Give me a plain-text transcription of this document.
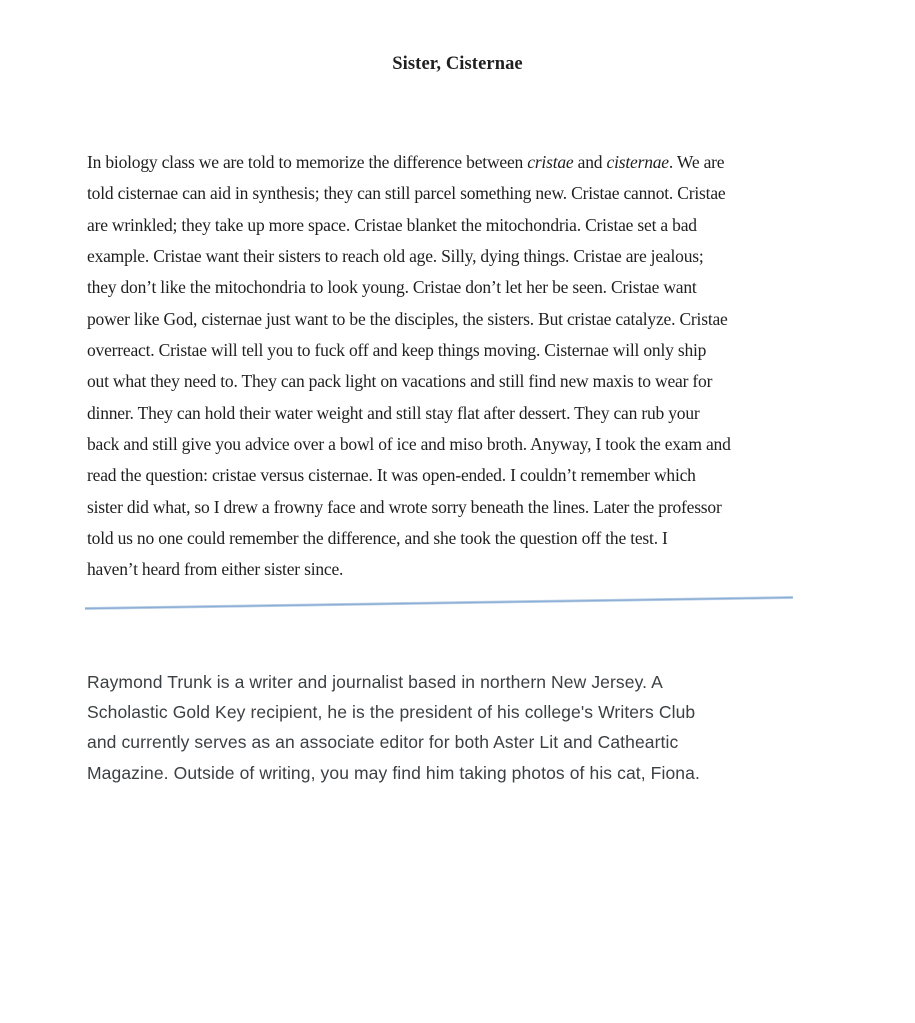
Sister, Cisternae
In biology class we are told to memorize the difference between cristae and cisternae. We are
told cisternae can aid in synthesis; they can still parcel something new. Cristae cannot. Cristae
are wrinkled; they take up more space. Cristae blanket the mitochondria. Cristae set a bad
example. Cristae want their sisters to reach old age. Silly, dying things. Cristae are jealous;
they don’t like the mitochondria to look young. Cristae don’t let her be seen. Cristae want
power like God, cisternae just want to be the disciples, the sisters. But cristae catalyze. Cristae
overreact. Cristae will tell you to fuck off and keep things moving. Cisternae will only ship
out what they need to. They can pack light on vacations and still find new maxis to wear for
dinner. They can hold their water weight and still stay flat after dessert. They can rub your
back and still give you advice over a bowl of ice and miso broth. Anyway, I took the exam and
read the question: cristae versus cisternae. It was open-ended. I couldn’t remember which
sister did what, so I drew a frowny face and wrote sorry beneath the lines. Later the professor
told us no one could remember the difference, and she took the question off the test. I
haven’t heard from either sister since.
Raymond Trunk is a writer and journalist based in northern New Jersey. A
Scholastic Gold Key recipient, he is the president of his college's Writers Club
and currently serves as an associate editor for both Aster Lit and Catheartic
Magazine. Outside of writing, you may find him taking photos of his cat, Fiona.
